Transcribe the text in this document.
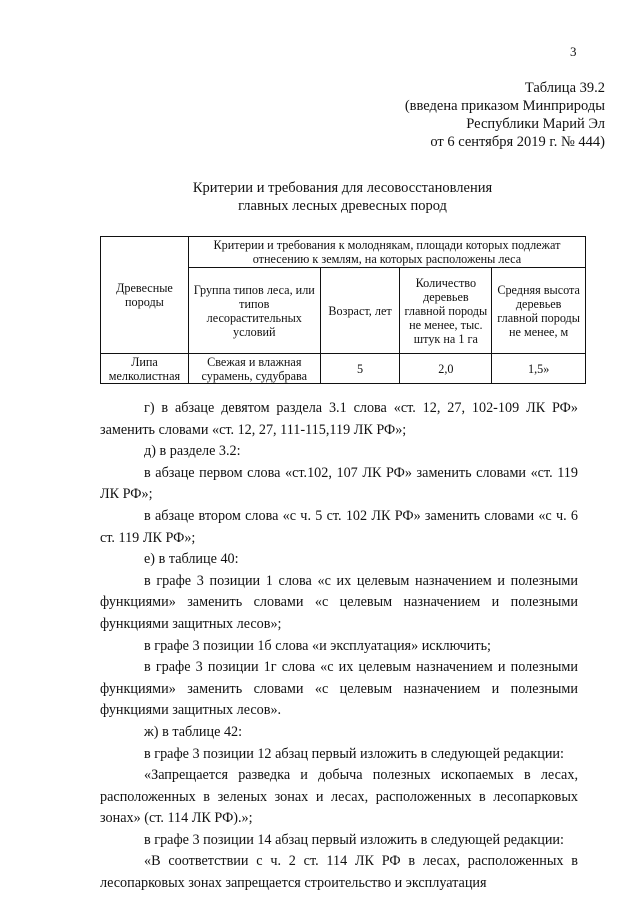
3
Таблица 39.2
(введена приказом Минприроды
Республики Марий Эл
от 6 сентября 2019 г. № 444)
Критерии и требования для лесовосстановления
главных лесных древесных пород
Древесные породы	Критерии и требования к молоднякам, площади которых подлежат отнесению к землям, на которых расположены леса			
	Группа типов леса, или типов лесорастительных условий	Возраст, лет	Количество деревьев главной породы не менее, тыс. штук на 1 га	Средняя высота деревьев главной породы не менее, м
Липа мелколистная	Свежая и влажная сурамень, судубрава	5	2,0	1,5»

г) в абзаце девятом раздела 3.1 слова «ст. 12, 27, 102-109 ЛК РФ» заменить словами «ст. 12, 27, 111-115,119 ЛК РФ»;

д) в разделе 3.2:

в абзаце первом слова «ст.102, 107 ЛК РФ» заменить словами «ст. 119 ЛК РФ»;

в абзаце втором слова «с ч. 5 ст. 102 ЛК РФ» заменить словами «с ч. 6 ст. 119 ЛК РФ»;

е) в таблице 40:

в графе 3 позиции 1 слова «с их целевым назначением и полезными функциями» заменить словами «с целевым назначением и полезными функциями защитных лесов»;

в графе 3 позиции 1б слова «и эксплуатация» исключить;

в графе 3 позиции 1г слова «с их целевым назначением и полезными функциями» заменить словами «с целевым назначением и полезными функциями защитных лесов».

ж) в таблице 42:

в графе 3 позиции 12 абзац первый изложить в следующей редакции:

«Запрещается разведка и добыча полезных ископаемых в лесах, расположенных в зеленых зонах и лесах, расположенных в лесопарковых зонах» (ст. 114 ЛК РФ).»;

в графе 3 позиции 14 абзац первый изложить в следующей редакции:

«В соответствии с ч. 2 ст. 114 ЛК РФ в лесах, расположенных в лесопарковых зонах запрещается строительство и эксплуатация
